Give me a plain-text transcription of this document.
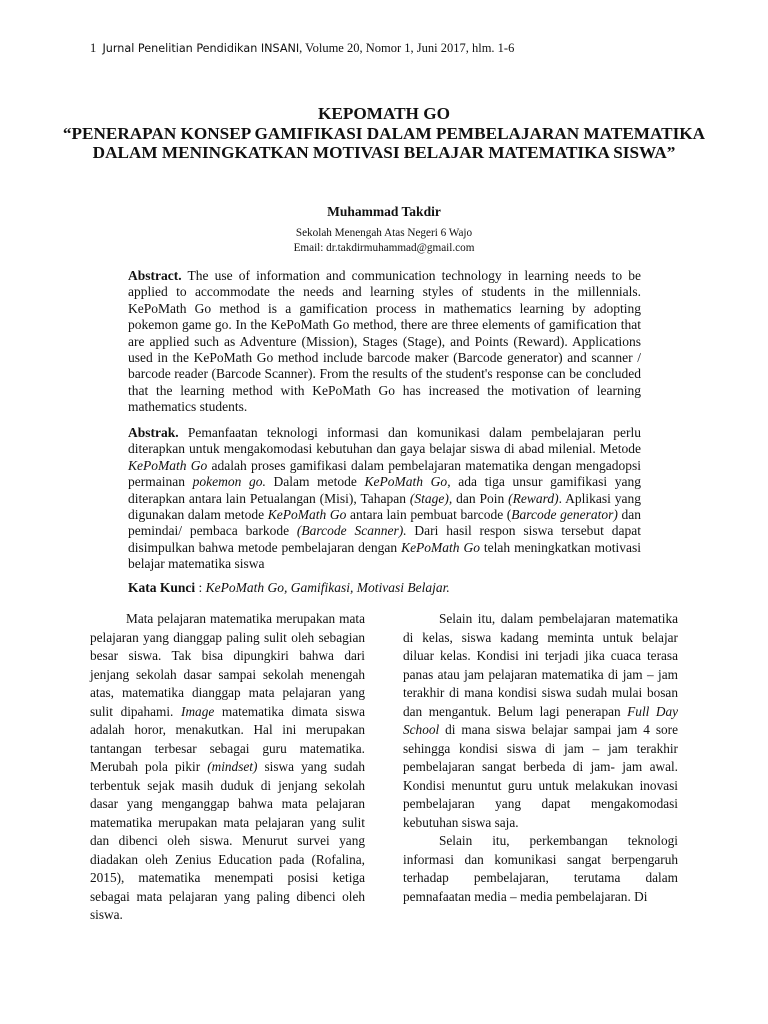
1 Jurnal Penelitian Pendidikan INSANI, Volume 20, Nomor 1, Juni 2017, hlm. 1-6
KEPOMATH GO
“PENERAPAN KONSEP GAMIFIKASI DALAM PEMBELAJARAN MATEMATIKA DALAM MENINGKATKAN MOTIVASI BELAJAR MATEMATIKA SISWA”
Muhammad Takdir
Sekolah Menengah Atas Negeri 6 Wajo
Email: dr.takdirmuhammad@gmail.com
Abstract. The use of information and communication technology in learning needs to be applied to accommodate the needs and learning styles of students in the millennials. KePoMath Go method is a gamification process in mathematics learning by adopting pokemon game go. In the KePoMath Go method, there are three elements of gamification that are applied such as Adventure (Mission), Stages (Stage), and Points (Reward). Applications used in the KePoMath Go method include barcode maker (Barcode generator) and scanner / barcode reader (Barcode Scanner). From the results of the student's response can be concluded that the learning method with KePoMath Go has increased the motivation of learning mathematics students.
Abstrak. Pemanfaatan teknologi informasi dan komunikasi dalam pembelajaran perlu diterapkan untuk mengakomodasi kebutuhan dan gaya belajar siswa di abad milenial. Metode KePoMath Go adalah proses gamifikasi dalam pembelajaran matematika dengan mengadopsi permainan pokemon go. Dalam metode KePoMath Go, ada tiga unsur gamifikasi yang diterapkan antara lain Petualangan (Misi), Tahapan (Stage), dan Poin (Reward). Aplikasi yang digunakan dalam metode KePoMath Go antara lain pembuat barcode (Barcode generator) dan pemindai/ pembaca barkode (Barcode Scanner). Dari hasil respon siswa tersebut dapat disimpulkan bahwa metode pembelajaran dengan KePoMath Go telah meningkatkan motivasi belajar matematika siswa
Kata Kunci : KePoMath Go, Gamifikasi, Motivasi Belajar.

Mata pelajaran matematika merupakan mata pelajaran yang dianggap paling sulit oleh sebagian besar siswa. Tak bisa dipungkiri bahwa dari jenjang sekolah dasar sampai sekolah menengah atas, matematika dianggap mata pelajaran yang sulit dipahami. Image matematika dimata siswa adalah horor, menakutkan. Hal ini merupakan tantangan terbesar sebagai guru matematika. Merubah pola pikir (mindset) siswa yang sudah terbentuk sejak masih duduk di jenjang sekolah dasar yang menganggap bahwa mata pelajaran matematika merupakan mata pelajaran yang sulit dan dibenci oleh siswa. Menurut survei yang diadakan oleh Zenius Education pada (Rofalina, 2015), matematika menempati posisi ketiga sebagai mata pelajaran yang paling dibenci oleh siswa.

Selain itu, dalam pembelajaran matematika di kelas, siswa kadang meminta untuk belajar diluar kelas. Kondisi ini terjadi jika cuaca terasa panas atau jam pelajaran matematika di jam – jam terakhir di mana kondisi siswa sudah mulai bosan dan mengantuk. Belum lagi penerapan Full Day School di mana siswa belajar sampai jam 4 sore sehingga kondisi siswa di jam – jam terakhir pembelajaran sangat berbeda di jam- jam awal. Kondisi menuntut guru untuk melakukan inovasi pembelajaran yang dapat mengakomodasi kebutuhan siswa saja.

Selain itu, perkembangan teknologi informasi dan komunikasi sangat berpengaruh terhadap pembelajaran, terutama dalam pemnafaatan media – media pembelajaran. Di
